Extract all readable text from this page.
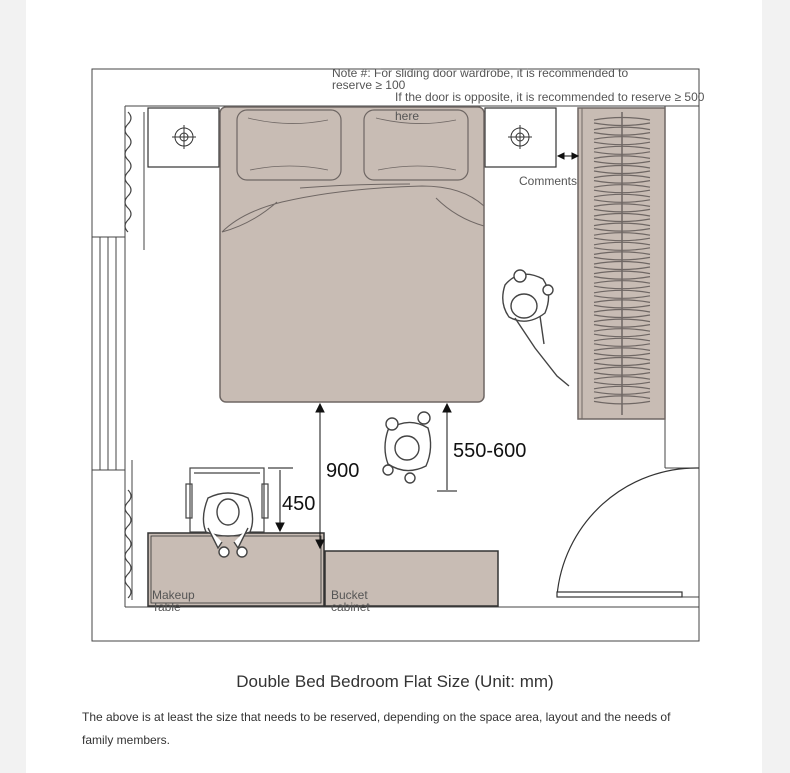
Note #: For sliding door wardrobe, it is recommended to reserve ≥ 100
If the door is opposite, it is recommended to reserve ≥ 500 here
Comments
Makeup Table
Bucket cabinet
900
450
550-600
Double Bed Bedroom Flat Size (Unit: mm)
The above is at least the size that needs to be reserved, depending on the space area, layout and the needs of family members.
